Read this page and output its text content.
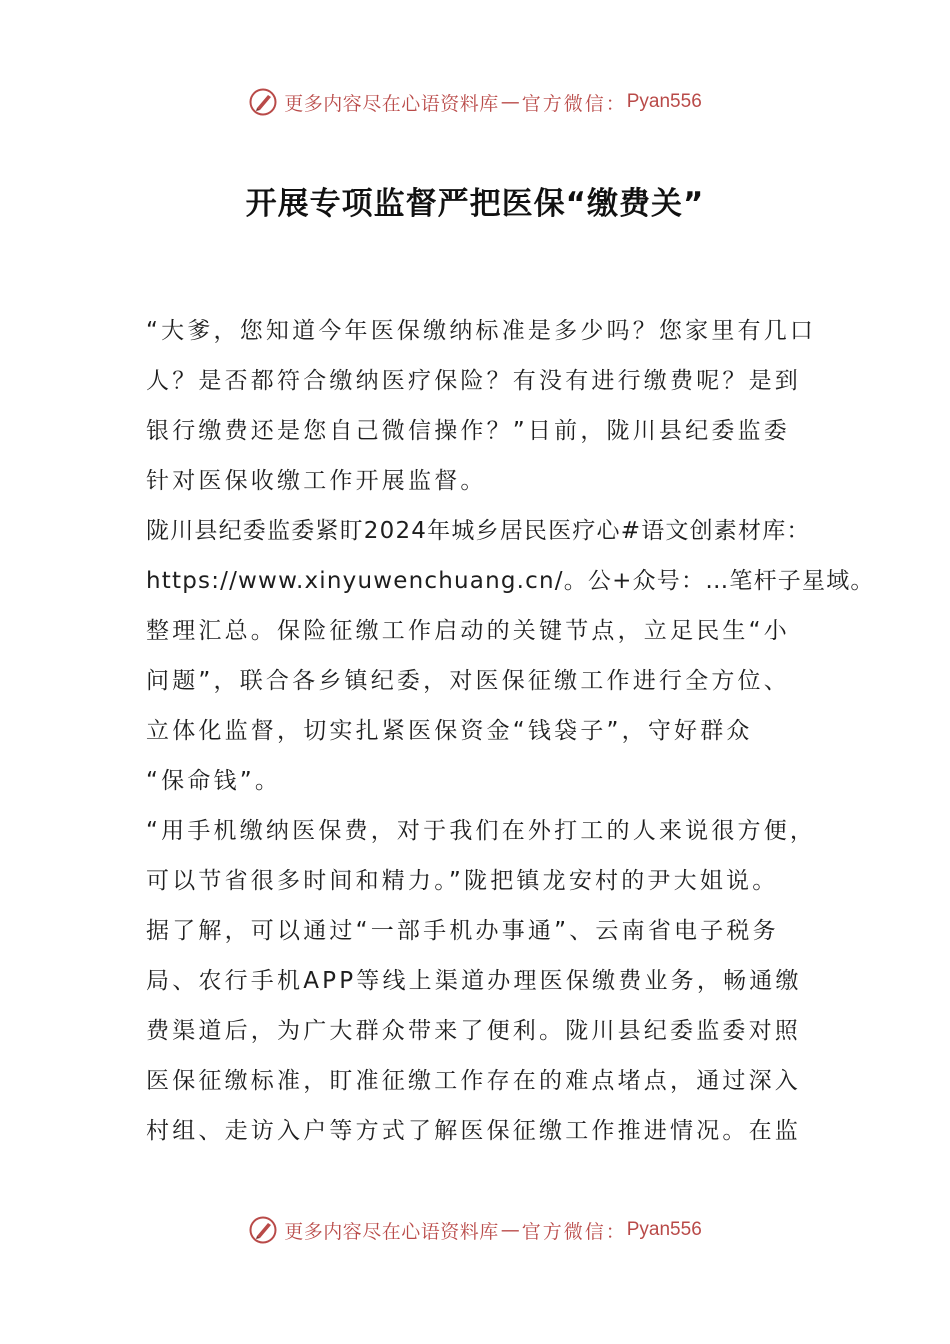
更多内容尽在心语资料库 — 官方微信： Pyan556
开展专项监督严把医保“缴费关”
“大爹，您知道今年医保缴纳标准是多少吗？您家里有几口
人？是否都符合缴纳医疗保险？有没有进行缴费呢？是到
银行缴费还是您自己微信操作？”日前，陇川县纪委监委
针对医保收缴工作开展监督。
陇川县纪委监委紧盯2024年城乡居民医疗心#语文创素材库：
https://www.xinyuwenchuang.cn/。公+众号：…笔杆子星域。
整理汇总。保险征缴工作启动的关键节点，立足民生“小
问题”，联合各乡镇纪委，对医保征缴工作进行全方位、
立体化监督，切实扎紧医保资金“钱袋子”，守好群众
“保命钱”。
“用手机缴纳医保费，对于我们在外打工的人来说很方便，
可以节省很多时间和精力。”陇把镇龙安村的尹大姐说。
据了解，可以通过“一部手机办事通”、云南省电子税务
局、农行手机APP等线上渠道办理医保缴费业务，畅通缴
费渠道后，为广大群众带来了便利。陇川县纪委监委对照
医保征缴标准，盯准征缴工作存在的难点堵点，通过深入
村组、走访入户等方式了解医保征缴工作推进情况。在监
更多内容尽在心语资料库 — 官方微信： Pyan556
